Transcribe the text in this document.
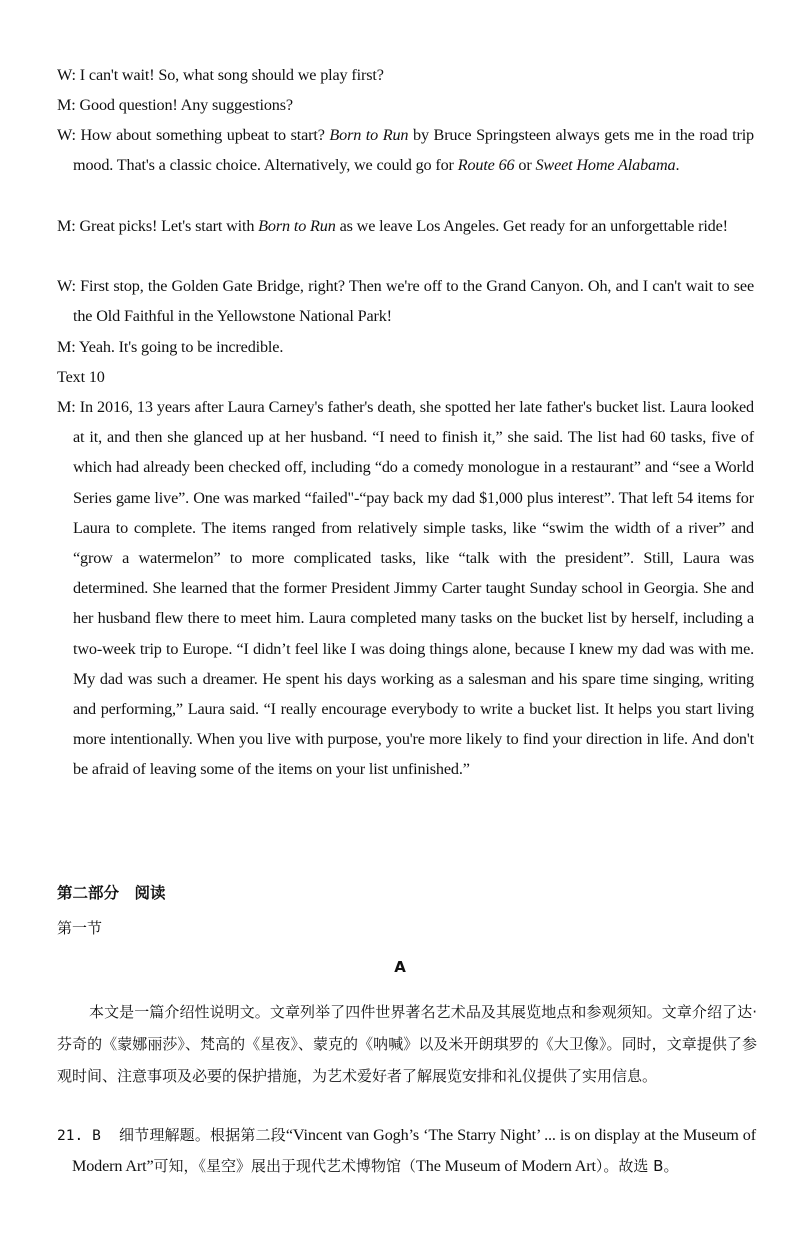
W: I can't wait! So, what song should we play first?
M: Good question! Any suggestions?
W: How about something upbeat to start? Born to Run by Bruce Springsteen always gets me in the road trip mood. That's a classic choice. Alternatively, we could go for Route 66 or Sweet Home Alabama.
M: Great picks! Let's start with Born to Run as we leave Los Angeles. Get ready for an unforgettable ride!
W: First stop, the Golden Gate Bridge, right? Then we're off to the Grand Canyon. Oh, and I can't wait to see the Old Faithful in the Yellowstone National Park!
M: Yeah. It's going to be incredible.
Text 10
M: In 2016, 13 years after Laura Carney's father's death, she spotted her late father's bucket list. Laura looked at it, and then she glanced up at her husband. “I need to finish it,” she said. The list had 60 tasks, five of which had already been checked off, including “do a comedy monologue in a restaurant” and “see a World Series game live”. One was marked “failed"-“pay back my dad $1,000 plus interest”. That left 54 items for Laura to complete. The items ranged from relatively simple tasks, like “swim the width of a river” and “grow a watermelon” to more complicated tasks, like “talk with the president”. Still, Laura was determined. She learned that the former President Jimmy Carter taught Sunday school in Georgia. She and her husband flew there to meet him. Laura completed many tasks on the bucket list by herself, including a two-week trip to Europe. “I didn’t feel like I was doing things alone, because I knew my dad was with me. My dad was such a dreamer. He spent his days working as a salesman and his spare time singing, writing and performing,” Laura said. “I really encourage everybody to write a bucket list. It helps you start living more intentionally. When you live with purpose, you're more likely to find your direction in life. And don't be afraid of leaving some of the items on your list unfinished.”
第二部分　阅读
第一节
A
本文是一篇介绍性说明文。文章列举了四件世界著名艺术品及其展览地点和参观须知。文章介绍了达·芬奇的《蒙娜丽莎》、梵高的《星夜》、蒙克的《呐喊》以及米开朗琪罗的《大卫像》。同时，文章提供了参观时间、注意事项及必要的保护措施，为艺术爱好者了解展览安排和礼仪提供了实用信息。
21. B 细节理解题。根据第二段“Vincent van Gogh’s ‘The Starry Night’ ... is on display at the Museum of Modern Art”可知，《星空》展出于现代艺术博物馆（The Museum of Modern Art）。故选 B。
